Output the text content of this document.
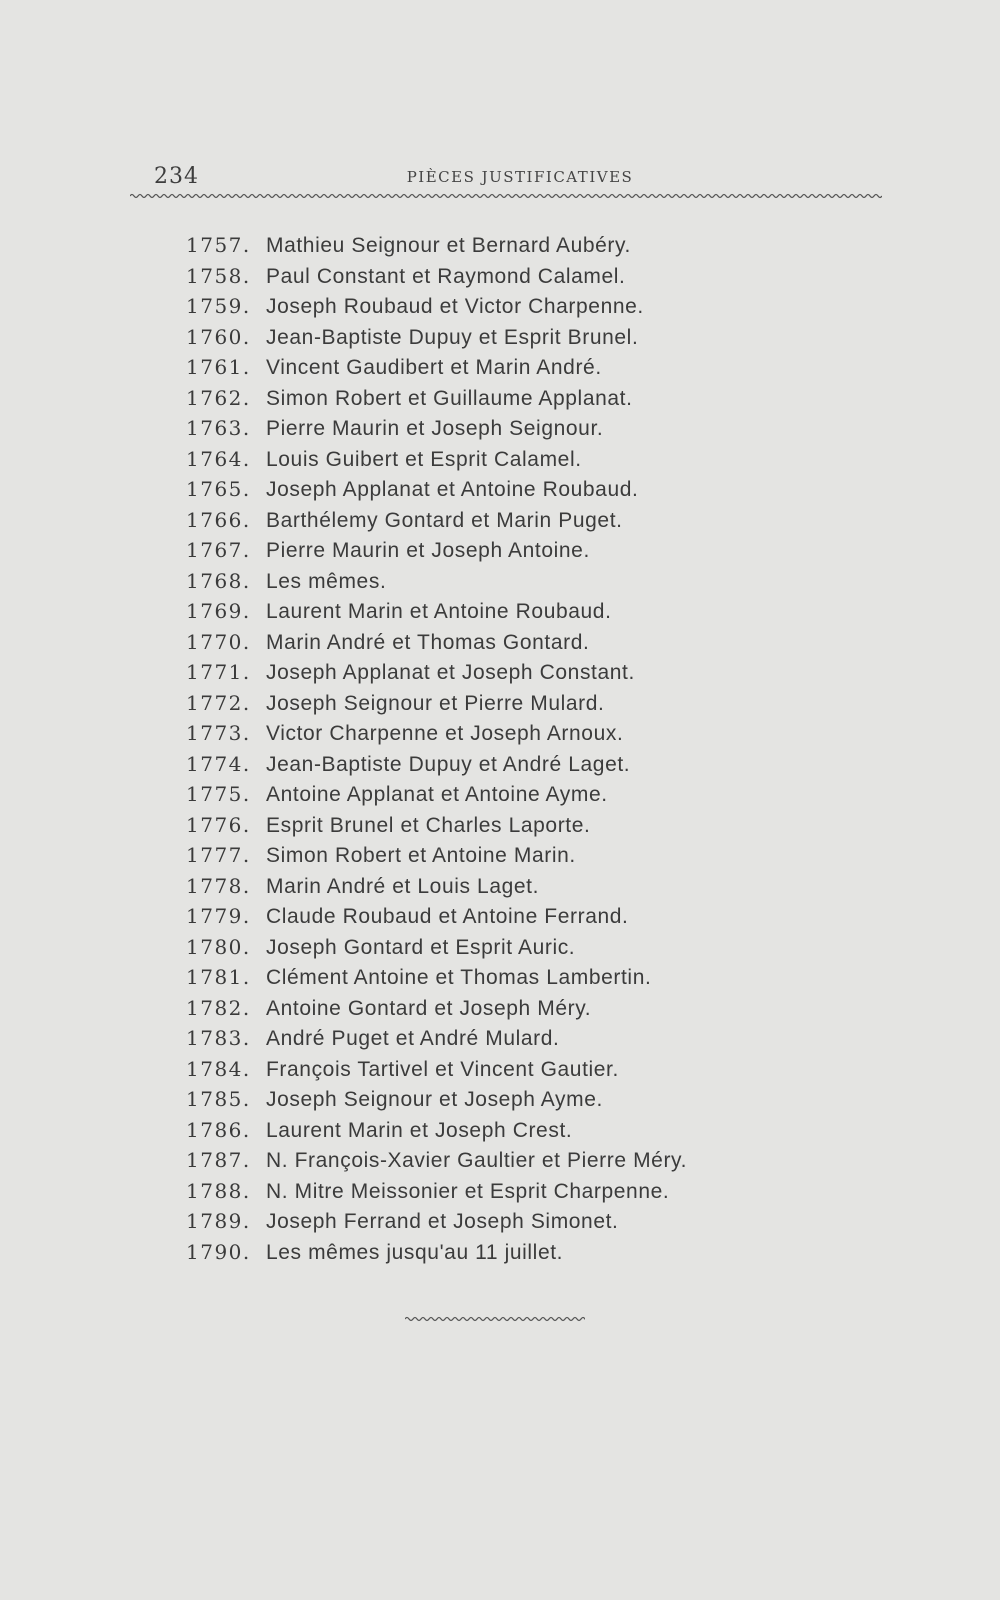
234	PIÈCES JUSTIFICATIVES
1757. Mathieu Seignour et Bernard Aubéry.
1758. Paul Constant et Raymond Calamel.
1759. Joseph Roubaud et Victor Charpenne.
1760. Jean-Baptiste Dupuy et Esprit Brunel.
1761. Vincent Gaudibert et Marin André.
1762. Simon Robert et Guillaume Applanat.
1763. Pierre Maurin et Joseph Seignour.
1764. Louis Guibert et Esprit Calamel.
1765. Joseph Applanat et Antoine Roubaud.
1766. Barthélemy Gontard et Marin Puget.
1767. Pierre Maurin et Joseph Antoine.
1768. Les mêmes.
1769. Laurent Marin et Antoine Roubaud.
1770. Marin André et Thomas Gontard.
1771. Joseph Applanat et Joseph Constant.
1772. Joseph Seignour et Pierre Mulard.
1773. Victor Charpenne et Joseph Arnoux.
1774. Jean-Baptiste Dupuy et André Laget.
1775. Antoine Applanat et Antoine Ayme.
1776. Esprit Brunel et Charles Laporte.
1777. Simon Robert et Antoine Marin.
1778. Marin André et Louis Laget.
1779. Claude Roubaud et Antoine Ferrand.
1780. Joseph Gontard et Esprit Auric.
1781. Clément Antoine et Thomas Lambertin.
1782. Antoine Gontard et Joseph Méry.
1783. André Puget et André Mulard.
1784. François Tartivel et Vincent Gautier.
1785. Joseph Seignour et Joseph Ayme.
1786. Laurent Marin et Joseph Crest.
1787. N. François-Xavier Gaultier et Pierre Méry.
1788. N. Mitre Meissonier et Esprit Charpenne.
1789. Joseph Ferrand et Joseph Simonet.
1790. Les mêmes jusqu'au 11 juillet.
